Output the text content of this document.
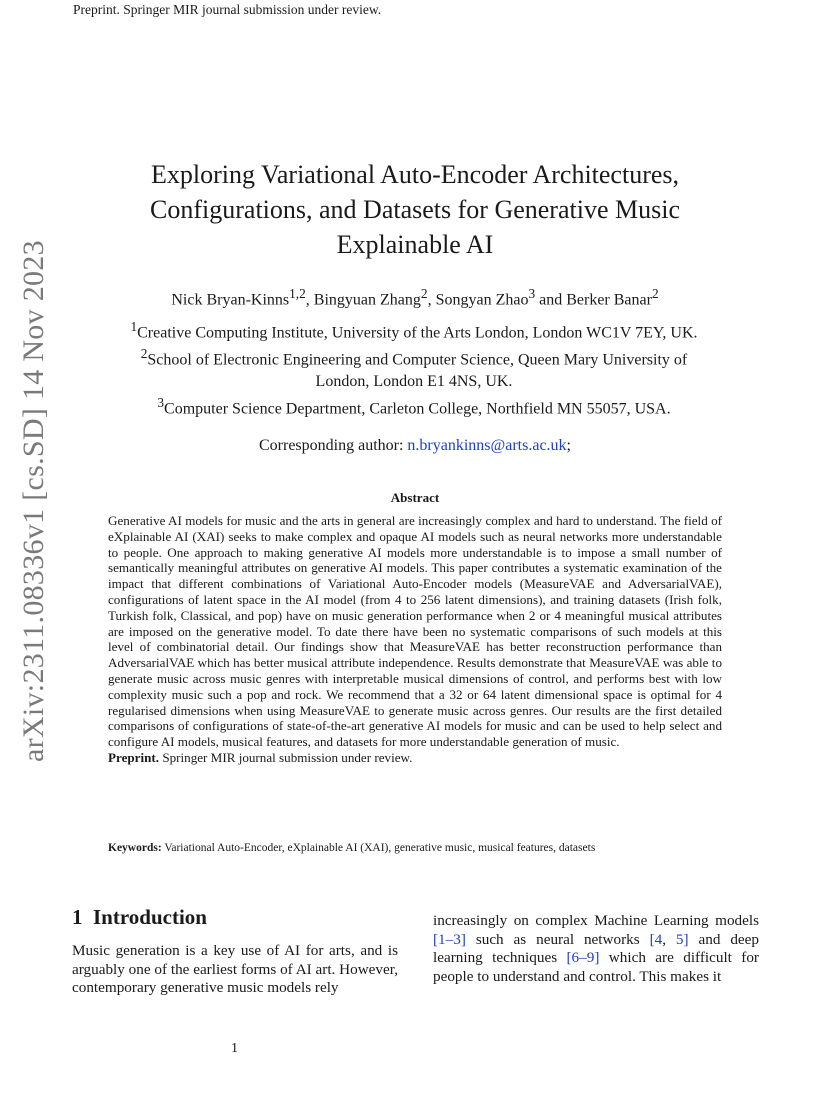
Preprint. Springer MIR journal submission under review.
arXiv:2311.08336v1 [cs.SD] 14 Nov 2023
Exploring Variational Auto-Encoder Architectures,
Configurations, and Datasets for Generative Music
Explainable AI
Nick Bryan-Kinns$^{1,2}$, Bingyuan Zhang$^2$, Songyan Zhao$^3$ and Berker Banar$^2$
$^1$Creative Computing Institute, University of the Arts London, London WC1V 7EY, UK.
$^2$School of Electronic Engineering and Computer Science, Queen Mary University of
London, London E1 4NS, UK.
$^3$Computer Science Department, Carleton College, Northfield MN 55057, USA.
Corresponding author: n.bryankinns@arts.ac.uk;
Abstract
Generative AI models for music and the arts in general are increasingly complex and hard to understand. The field of eXplainable AI (XAI) seeks to make complex and opaque AI models such as neural networks more understandable to people. One approach to making generative AI models more understandable is to impose a small number of semantically meaningful attributes on generative AI models. This paper contributes a systematic examination of the impact that different combinations of Variational Auto-Encoder models (MeasureVAE and AdversarialVAE), configurations of latent space in the AI model (from 4 to 256 latent dimensions), and training datasets (Irish folk, Turkish folk, Classical, and pop) have on music generation performance when 2 or 4 meaningful musical attributes are imposed on the generative model. To date there have been no systematic comparisons of such models at this level of combinatorial detail. Our findings show that MeasureVAE has better reconstruction performance than AdversarialVAE which has better musical attribute independence. Results demonstrate that MeasureVAE was able to generate music across music genres with interpretable musical dimensions of control, and performs best with low complexity music such a pop and rock. We recommend that a 32 or 64 latent dimensional space is optimal for 4 regularised dimensions when using MeasureVAE to generate music across genres. Our results are the first detailed comparisons of configurations of state-of-the-art generative AI models for music and can be used to help select and configure AI models, musical features, and datasets for more understandable generation of music.
Preprint. Springer MIR journal submission under review.
Keywords: Variational Auto-Encoder, eXplainable AI (XAI), generative music, musical features, datasets
1 Introduction
Music generation is a key use of AI for arts, and is arguably one of the earliest forms of AI art. However, contemporary generative music models rely
increasingly on complex Machine Learning models [1–3] such as neural networks [4, 5] and deep learning techniques [6–9] which are difficult for people to understand and control. This makes it
1
